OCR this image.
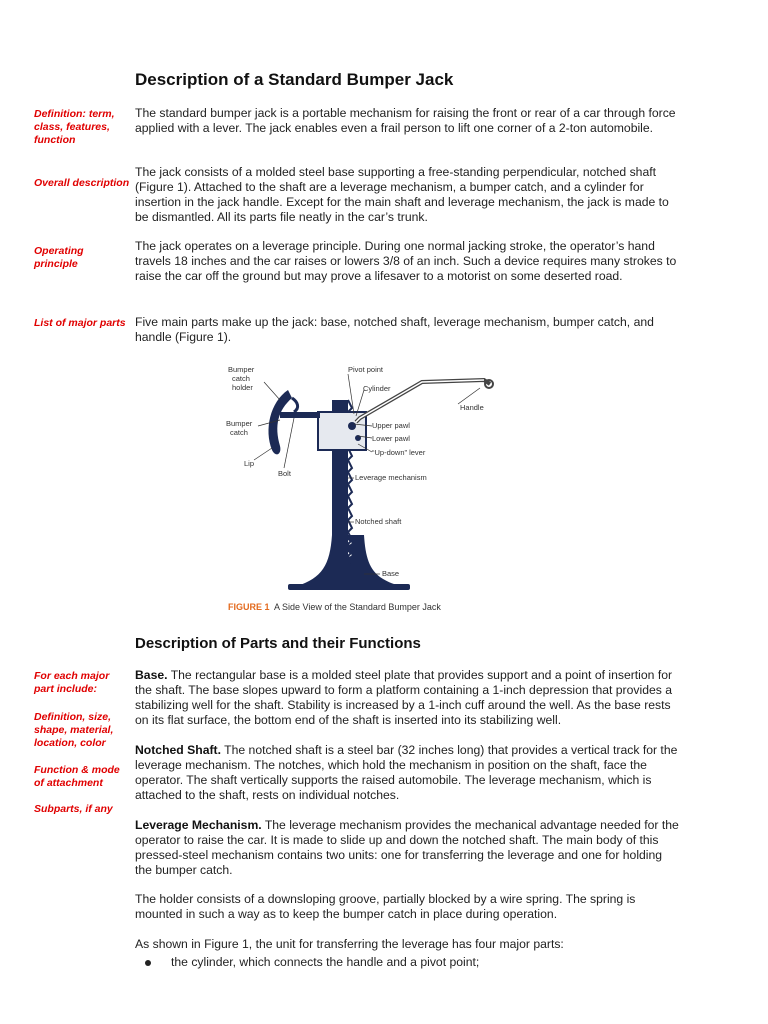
Description of a Standard Bumper Jack
Definition: term, class, features, function
Overall description
Operating principle
List of major parts
For each major part include:
Definition, size, shape, material, location, color
Function & mode of attachment
Subparts, if any
The standard bumper jack is a portable mechanism for raising the front or rear of a car through force applied with a lever. The jack enables even a frail person to lift one corner of a 2-ton automobile.
The jack consists of a molded steel base supporting a free-standing perpendicular, notched shaft (Figure 1). Attached to the shaft are a leverage mechanism, a bumper catch, and a cylinder for insertion in the jack handle. Except for the main shaft and leverage mechanism, the jack is made to be dismantled. All its parts file neatly in the car’s trunk.
The jack operates on a leverage principle. During one normal jacking stroke, the operator’s hand travels 18 inches and the car raises or lowers 3/8 of an inch. Such a device requires many strokes to raise the car off the ground but may prove a lifesaver to a motorist on some deserted road.
Five main parts make up the jack: base, notched shaft, leverage mechanism, bumper catch, and handle (Figure 1).
Bumper catch holder
Pivot point
Cylinder
Handle
Bumper catch
Upper pawl
Lower pawl
“Up-down” lever
Lip
Bolt	Leverage mechanism
Notched shaft
Base
FIGURE 1 A Side View of the Standard Bumper Jack
Description of Parts and their Functions
Base. The rectangular base is a molded steel plate that provides support and a point of insertion for the shaft. The base slopes upward to form a platform containing a 1-inch depression that provides a stabilizing well for the shaft. Stability is increased by a 1-inch cuff around the well. As the base rests on its flat surface, the bottom end of the shaft is inserted into its stabilizing well.
Notched Shaft. The notched shaft is a steel bar (32 inches long) that provides a vertical track for the leverage mechanism. The notches, which hold the mechanism in position on the shaft, face the operator. The shaft vertically supports the raised automobile. The leverage mechanism, which is attached to the shaft, rests on individual notches.
Leverage Mechanism. The leverage mechanism provides the mechanical advantage needed for the operator to raise the car. It is made to slide up and down the notched shaft. The main body of this pressed-steel mechanism contains two units: one for transferring the leverage and one for holding the bumper catch.
The holder consists of a downsloping groove, partially blocked by a wire spring. The spring is mounted in such a way as to keep the bumper catch in place during operation.
As shown in Figure 1, the unit for transferring the leverage has four major parts:
the cylinder, which connects the handle and a pivot point;
